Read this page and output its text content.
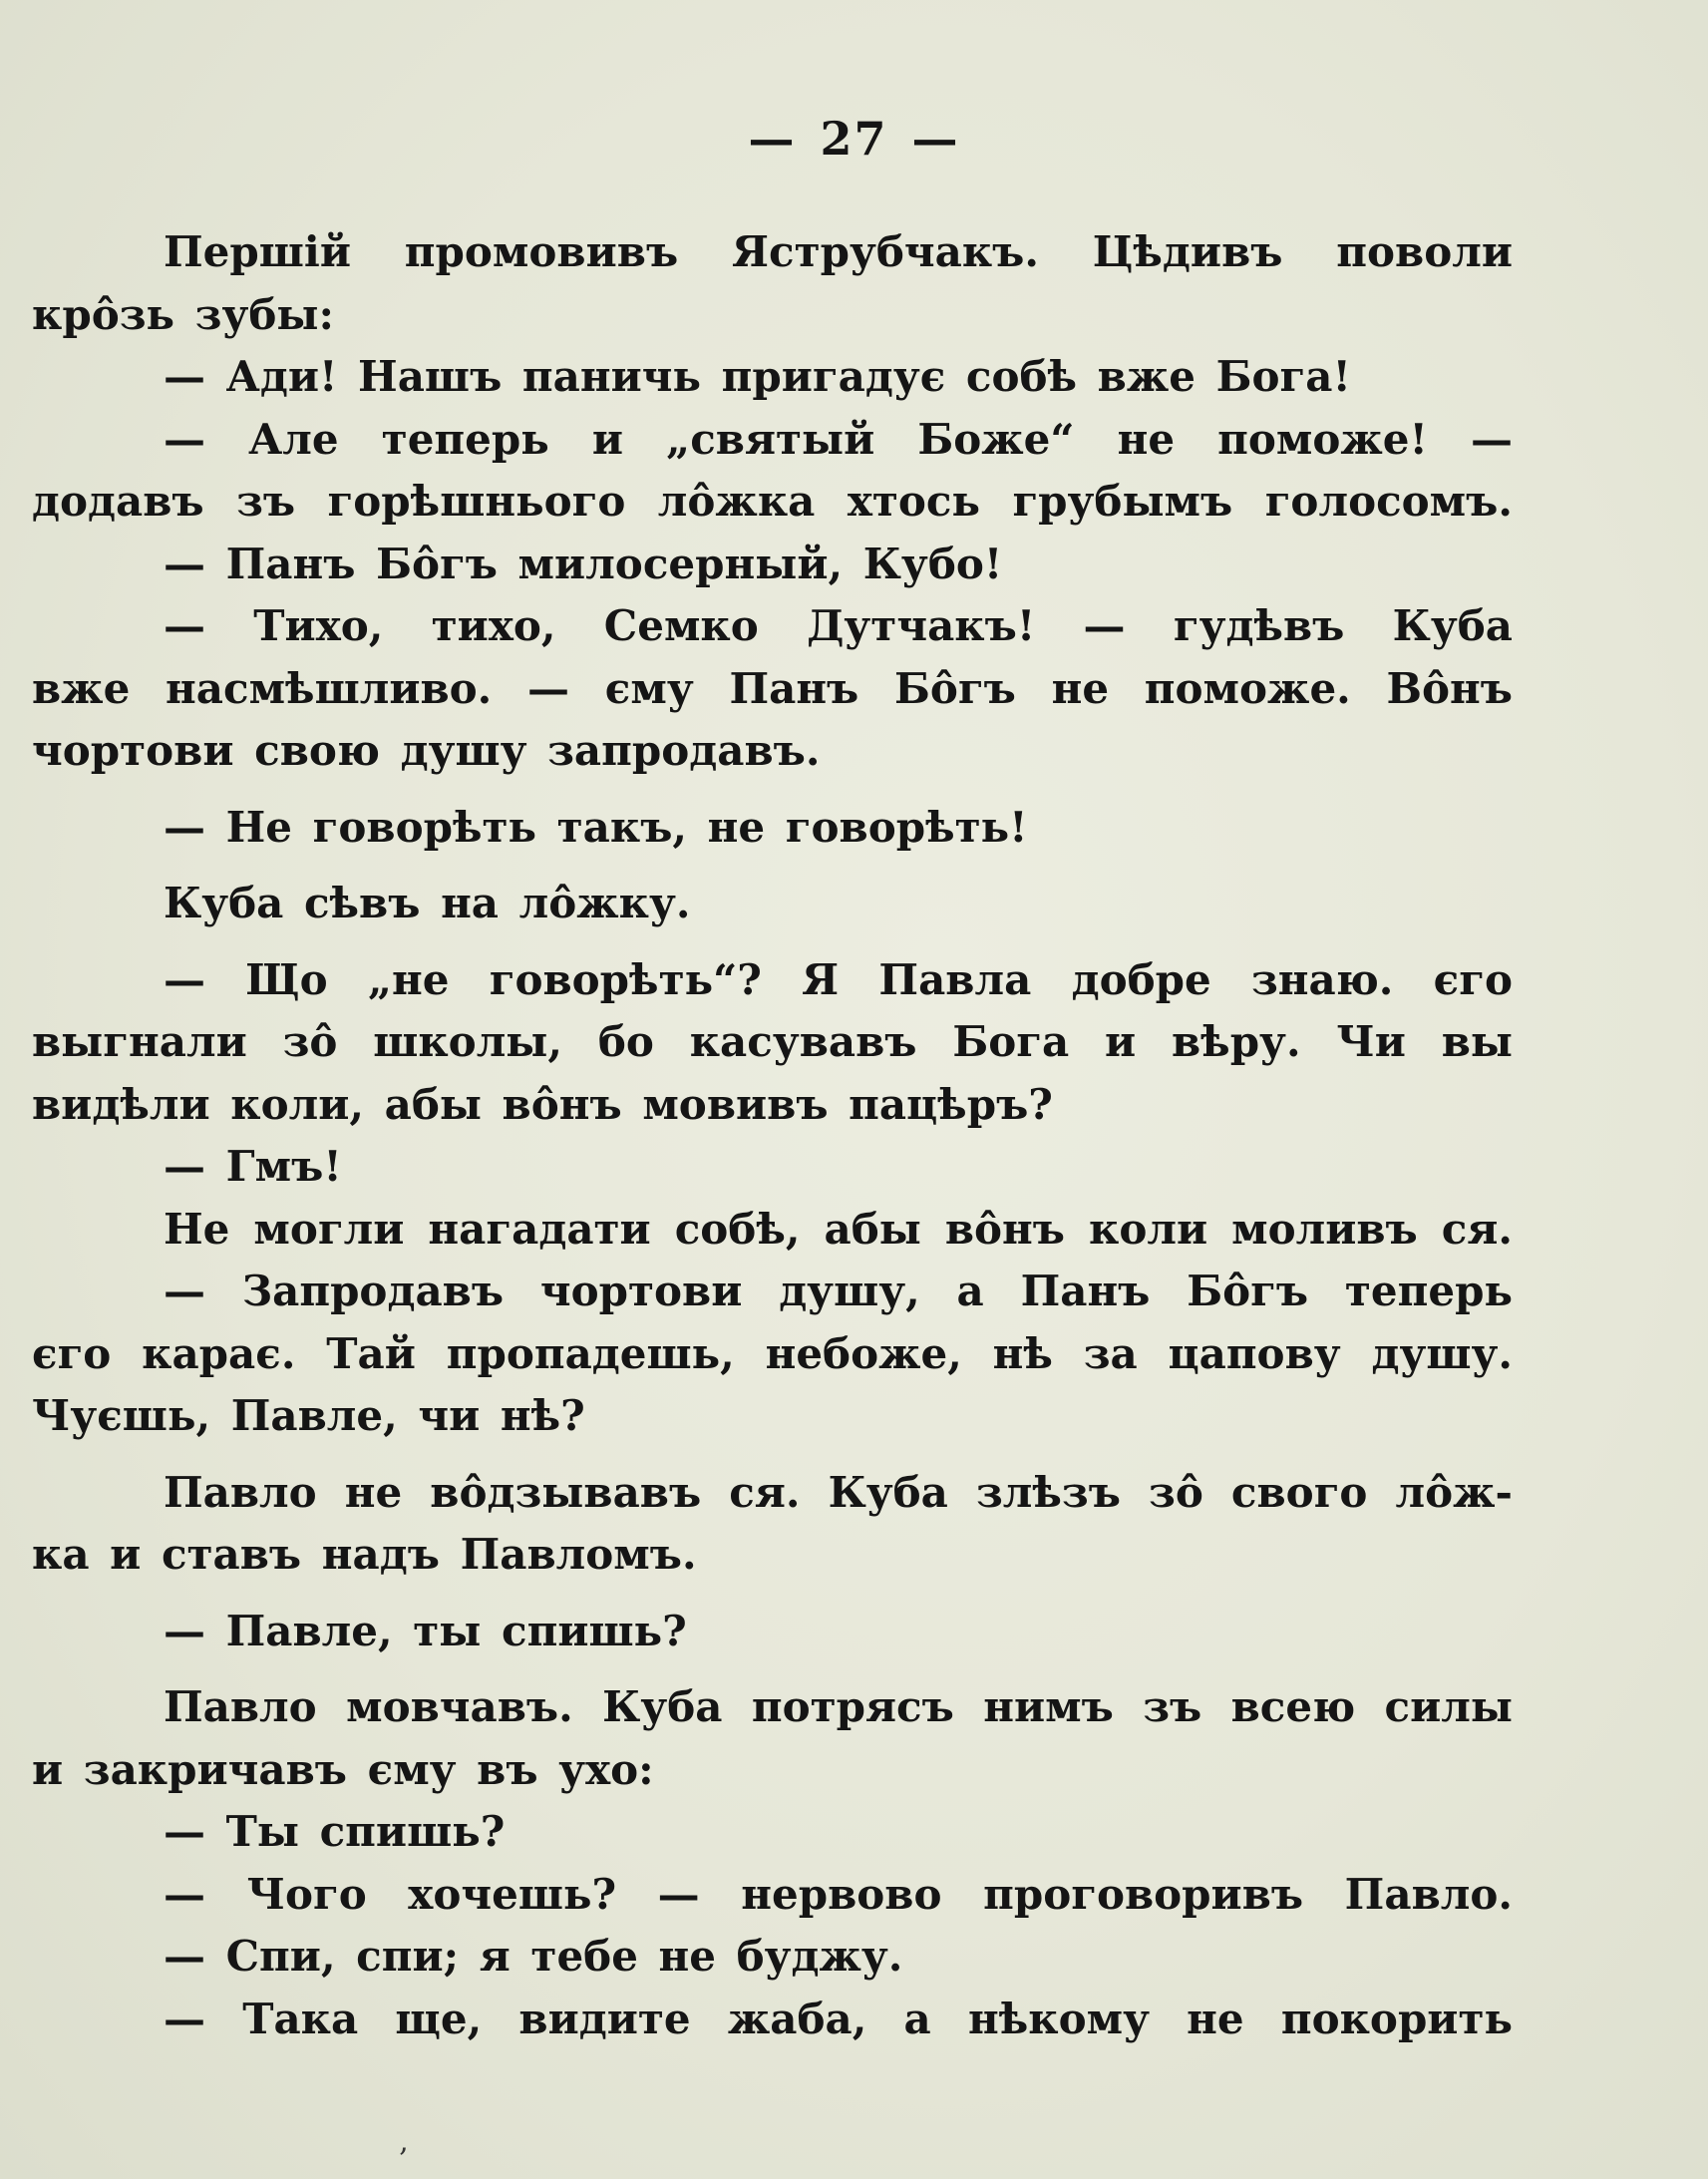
— 27 —
Першій промовивъ Яструбчакъ. Цѣдивъ поволи
крôзь зубы:
— Ади! Нашъ паничь пригадує собѣ вже Бога!
— Але теперь и „святый Боже“ не поможе! —
додавъ зъ горѣшнього лôжка хтось грубымъ голосомъ.
— Панъ Бôгъ милосерный, Кубо!
— Тихо, тихо, Семко Дутчакъ! — гудѣвъ Куба
вже насмѣшливо. — єму Панъ Бôгъ не поможе. Вôнъ
чортови свою душу запродавъ.
— Не говорѣть такъ, не говорѣть!
Куба сѣвъ на лôжку.
— Що „не говорѣть“? Я Павла добре знаю. єго
выгнали зô школы, бо касувавъ Бога и вѣру. Чи вы
видѣли коли, абы вôнъ мовивъ пацѣръ?
— Гмъ!
Не могли нагадати собѣ, абы вôнъ коли моливъ ся.
— Запродавъ чортови душу, а Панъ Бôгъ теперь
єго карає. Тай пропадешь, небоже, нѣ за цапову душу.
Чуєшь, Павле, чи нѣ?
Павло не вôдзывавъ ся. Куба злѣзъ зô свого лôж-
ка и ставъ надъ Павломъ.
— Павле, ты спишь?
Павло мовчавъ. Куба потрясъ нимъ зъ всею силы
и закричавъ єму въ ухо:
— Ты спишь?
— Чого хочешь? — нервово проговоривъ Павло.
— Спи, спи; я тебе не буджу.
— Така ще, видите жаба, а нѣкому не покорить
‚
